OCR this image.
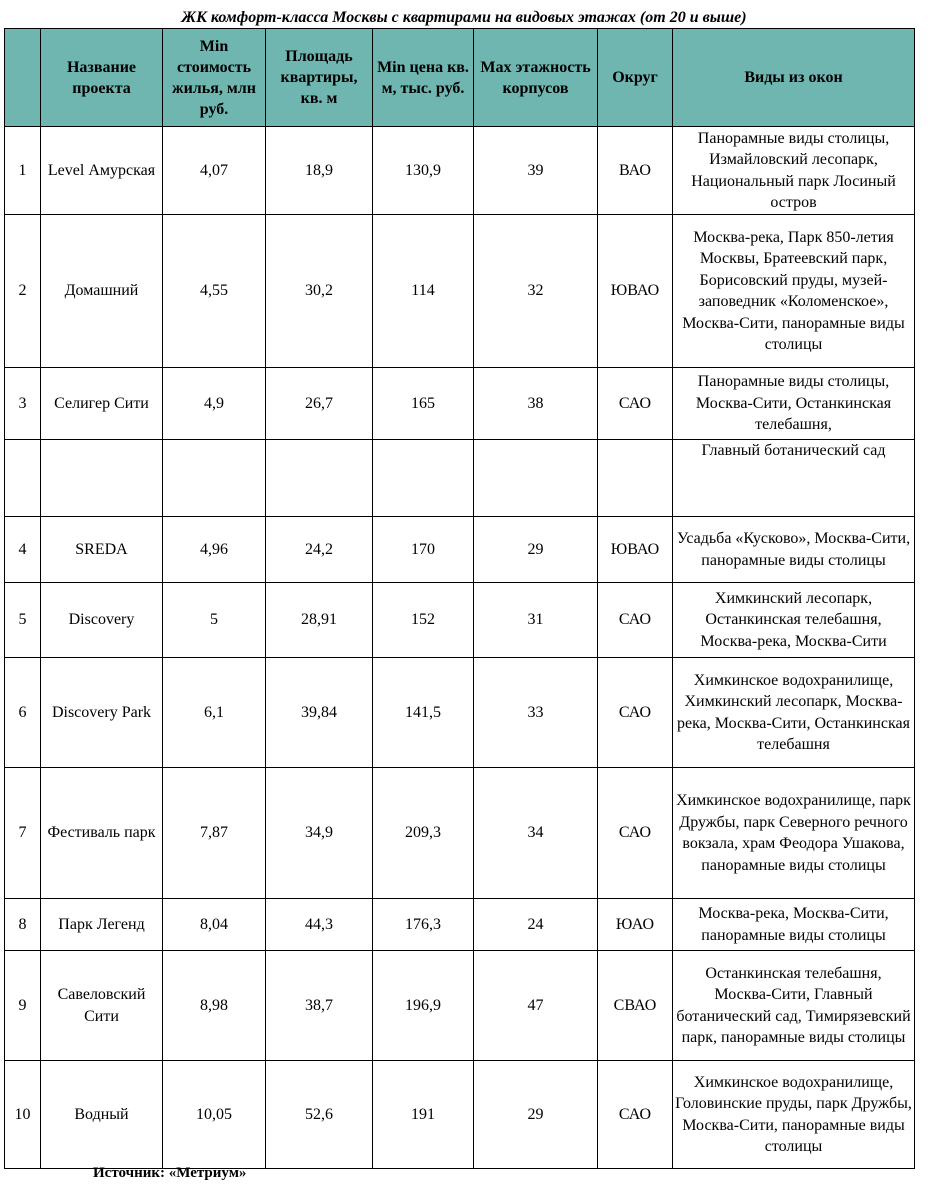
ЖК комфорт-класса Москвы с квартирами на видовых этажах (от 20 и выше)
	Название проекта	Min стоимость жилья, млн руб.	Площадь квартиры, кв. м	Min цена кв. м, тыс. руб.	Max этажность корпусов	Округ	Виды из окон
1	Level Амурская	4,07	18,9	130,9	39	ВАО	Панорамные виды столицы, Измайловский лесопарк, Национальный парк Лосиный остров
2	Домашний	4,55	30,2	114	32	ЮВАО	Москва-река, Парк 850-летия Москвы, Братеевский парк, Борисовский пруды, музей-заповедник «Коломенское», Москва-Сити, панорамные виды столицы
3	Селигер Сити	4,9	26,7	165	38	САО	Панорамные виды столицы, Москва-Сити, Останкинская телебашня,
							Главный ботанический сад
4	SREDA	4,96	24,2	170	29	ЮВАО	Усадьба «Кусково», Москва-Сити, панорамные виды столицы
5	Discovery	5	28,91	152	31	САО	Химкинский лесопарк, Останкинская телебашня, Москва-река, Москва-Сити
6	Discovery Park	6,1	39,84	141,5	33	САО	Химкинское водохранилище, Химкинский лесопарк, Москва-река, Москва-Сити, Останкинская телебашня
7	Фестиваль парк	7,87	34,9	209,3	34	САО	Химкинское водохранилище, парк Дружбы, парк Северного речного вокзала, храм Феодора Ушакова, панорамные виды столицы
8	Парк Легенд	8,04	44,3	176,3	24	ЮАО	Москва-река, Москва-Сити, панорамные виды столицы
9	Савеловский Сити	8,98	38,7	196,9	47	СВАО	Останкинская телебашня, Москва-Сити, Главный ботанический сад, Тимирязевский парк, панорамные виды столицы
10	Водный	10,05	52,6	191	29	САО	Химкинское водохранилище, Головинские пруды, парк Дружбы, Москва-Сити, панорамные виды столицы
Источник: «Метриум»
